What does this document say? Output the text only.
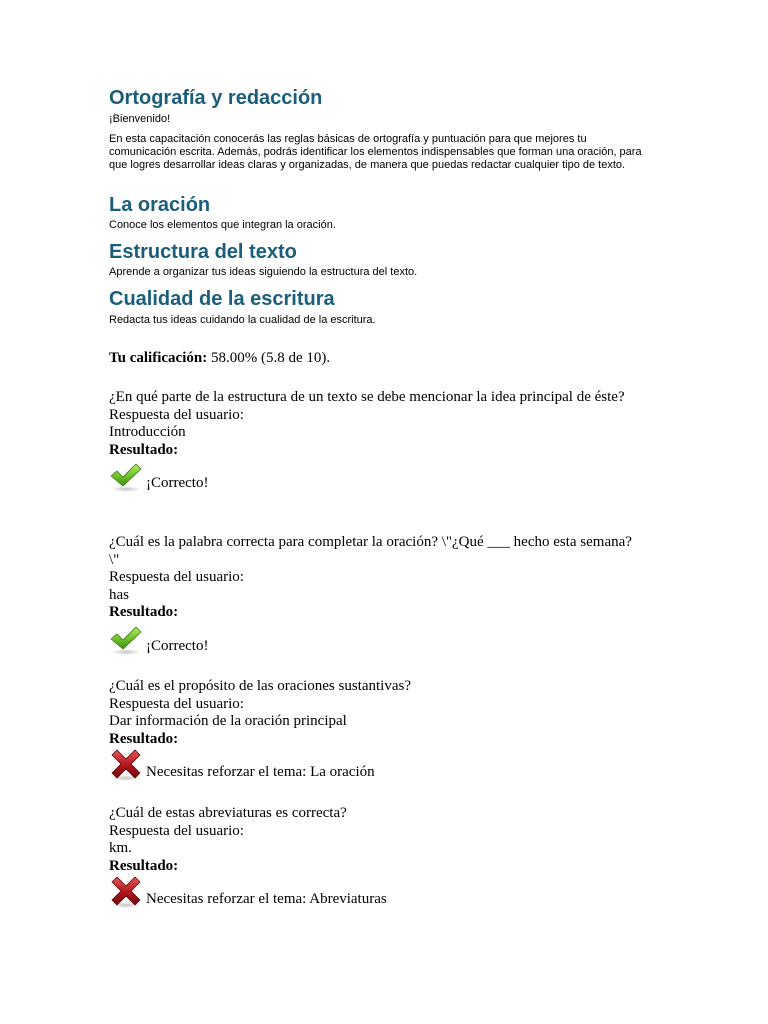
Ortografía y redacción

¡Bienvenido!

En esta capacitación conocerás las reglas básicas de ortografía y puntuación para que mejores tu comunicación escrita. Además, podrás identificar los elementos indispensables que forman una oración, para que logres desarrollar ideas claras y organizadas, de manera que puedas redactar cualquier tipo de texto.

La oración

Conoce los elementos que integran la oración.

Estructura del texto

Aprende a organizar tus ideas siguiendo la estructura del texto.

Cualidad de la escritura

Redacta tus ideas cuidando la cualidad de la escritura.

Tu calificación: 58.00% (5.8 de 10).

¿En qué parte de la estructura de un texto se debe mencionar la idea principal de éste?

Respuesta del usuario:

Introducción

Resultado:

¡Correcto!

¿Cuál es la palabra correcta para completar la oración? \"¿Qué ___ hecho esta semana?\"

Respuesta del usuario:

has

Resultado:

¡Correcto!

¿Cuál es el propósito de las oraciones sustantivas?

Respuesta del usuario:

Dar información de la oración principal

Resultado:

Necesitas reforzar el tema: La oración

¿Cuál de estas abreviaturas es correcta?

Respuesta del usuario:

km.

Resultado:

Necesitas reforzar el tema: Abreviaturas
